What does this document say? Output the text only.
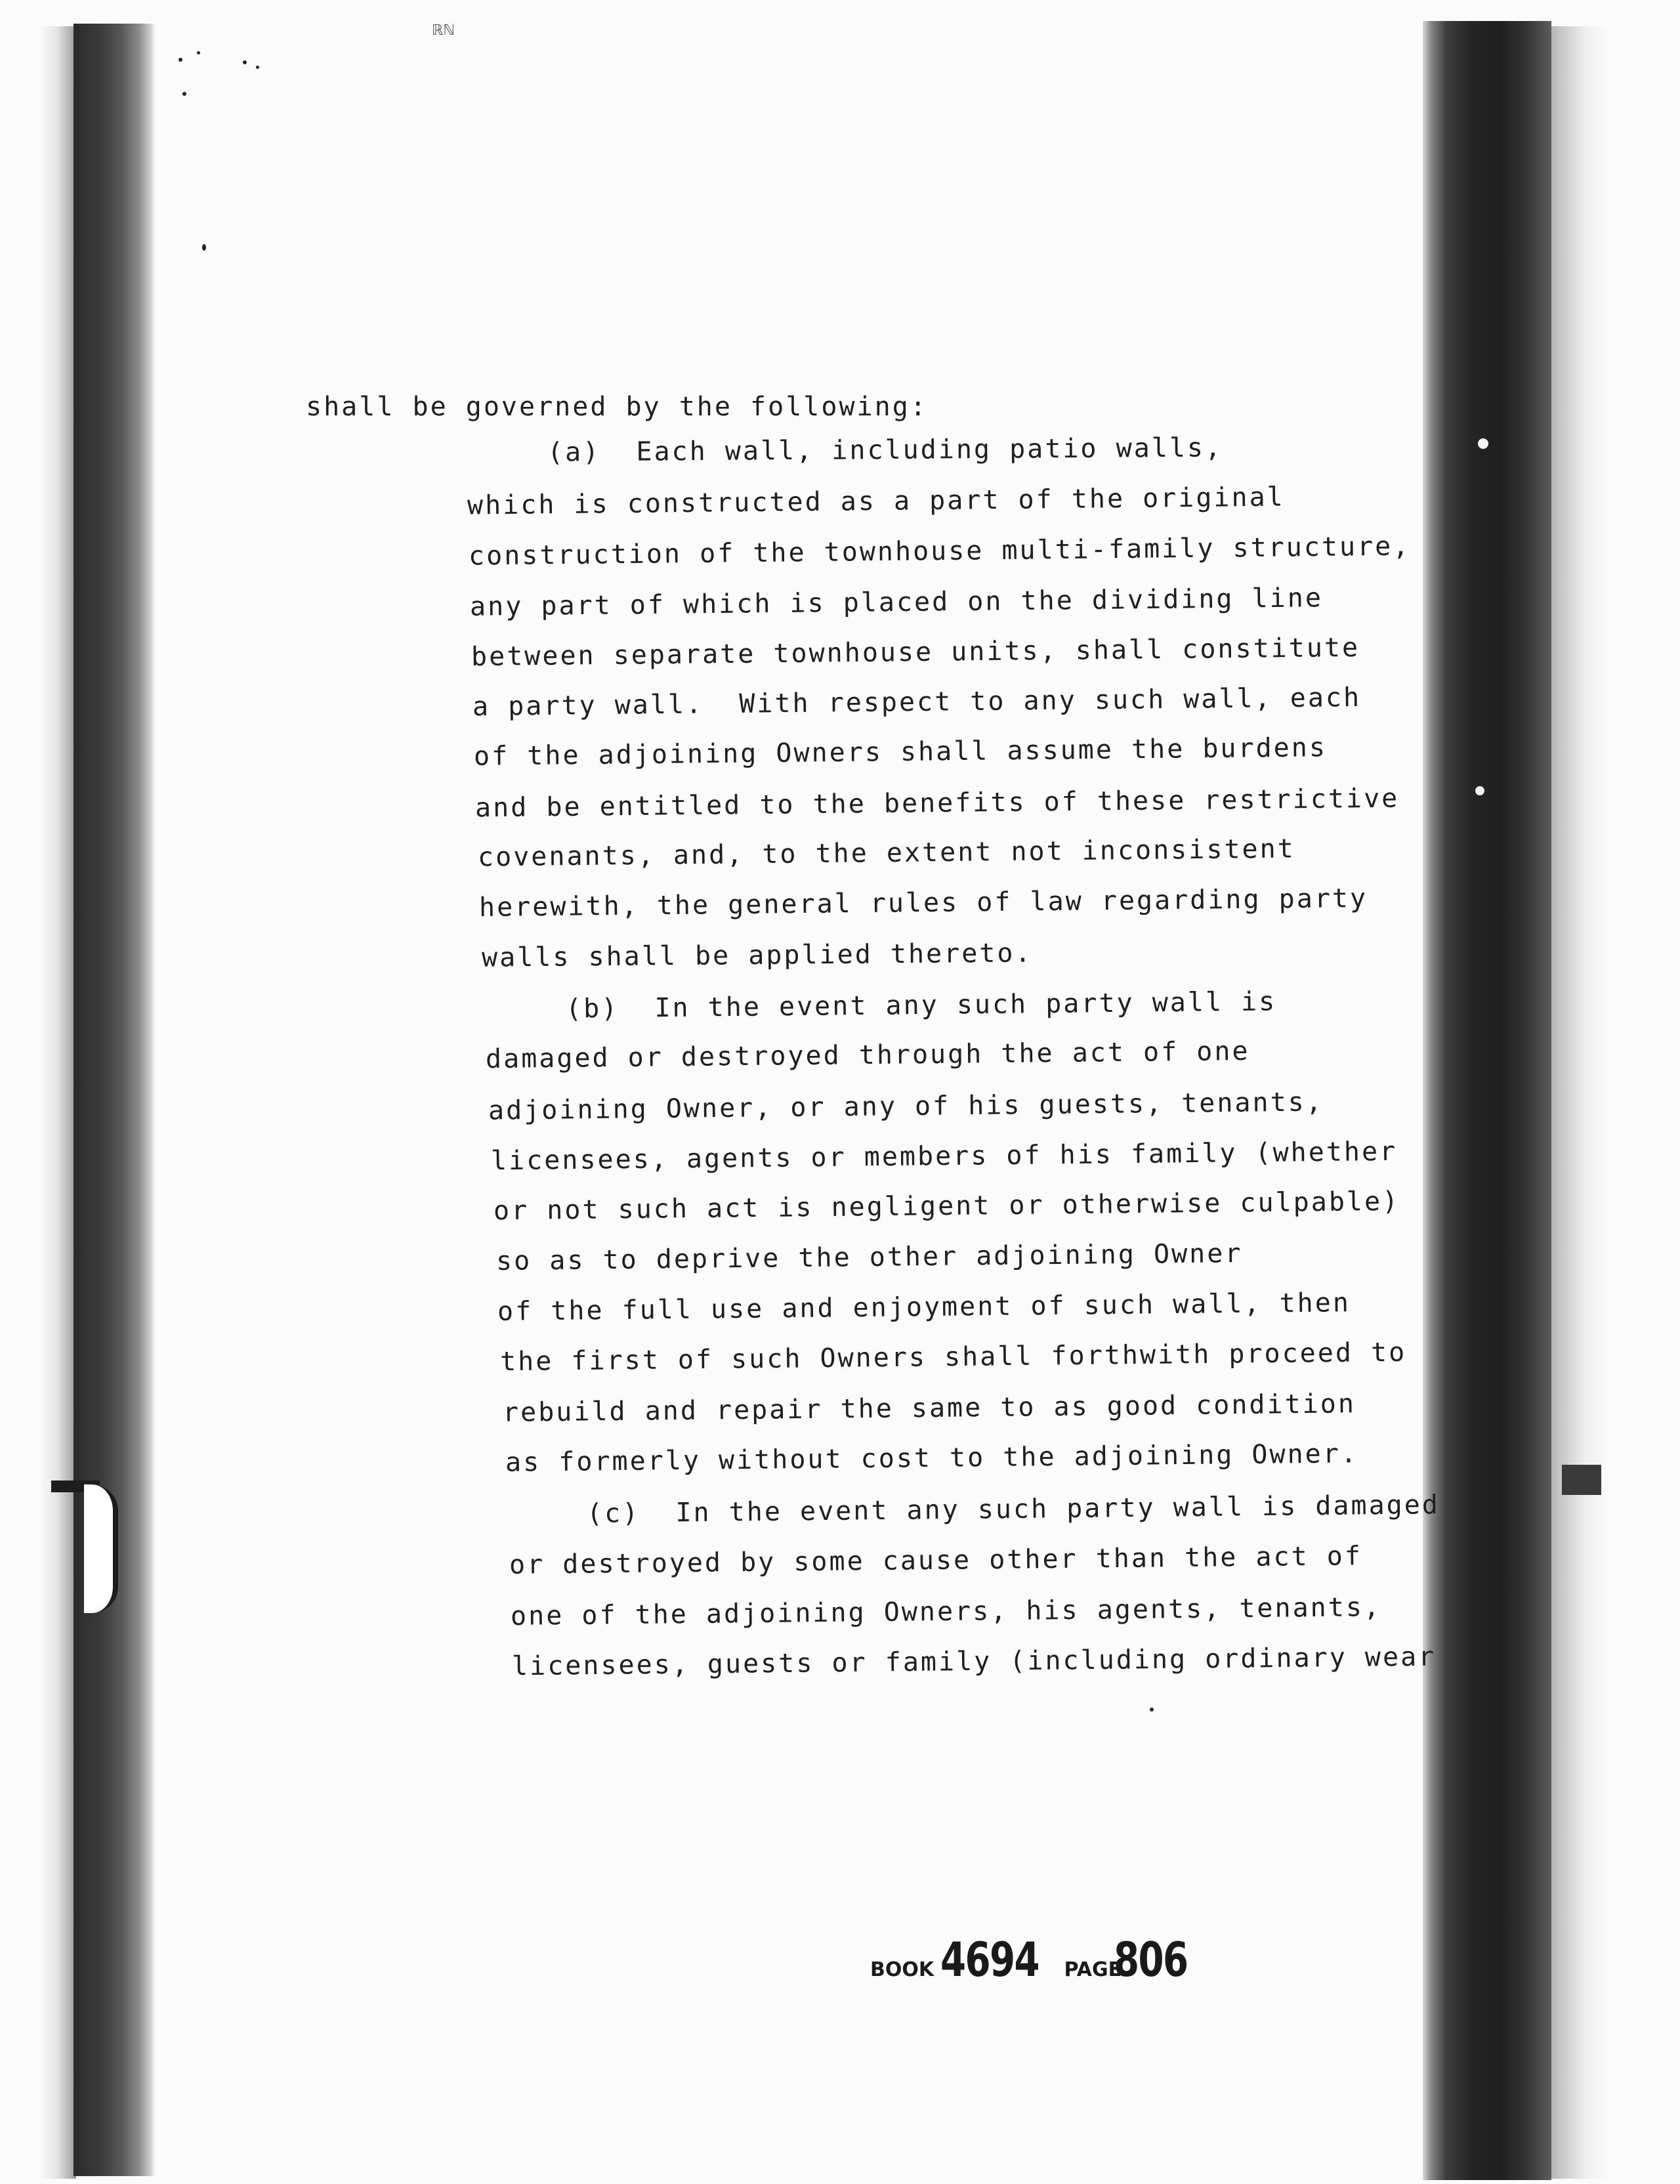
ℝℕ
shall be governed by the following:
(a)  Each wall, including patio walls,
which is constructed as a part of the original
construction of the townhouse multi-family structure,
any part of which is placed on the dividing line
between separate townhouse units, shall constitute
a party wall.  With respect to any such wall, each
of the adjoining Owners shall assume the burdens
and be entitled to the benefits of these restrictive
covenants, and, to the extent not inconsistent
herewith, the general rules of law regarding party
walls shall be applied thereto.
(b)  In the event any such party wall is
damaged or destroyed through the act of one
adjoining Owner, or any of his guests, tenants,
licensees, agents or members of his family (whether
or not such act is negligent or otherwise culpable)
so as to deprive the other adjoining Owner
of the full use and enjoyment of such wall, then
the first of such Owners shall forthwith proceed to
rebuild and repair the same to as good condition
as formerly without cost to the adjoining Owner.
(c)  In the event any such party wall is damaged
or destroyed by some cause other than the act of
one of the adjoining Owners, his agents, tenants,
licensees, guests or family (including ordinary wear
BOOK 4694 PAGE
806
